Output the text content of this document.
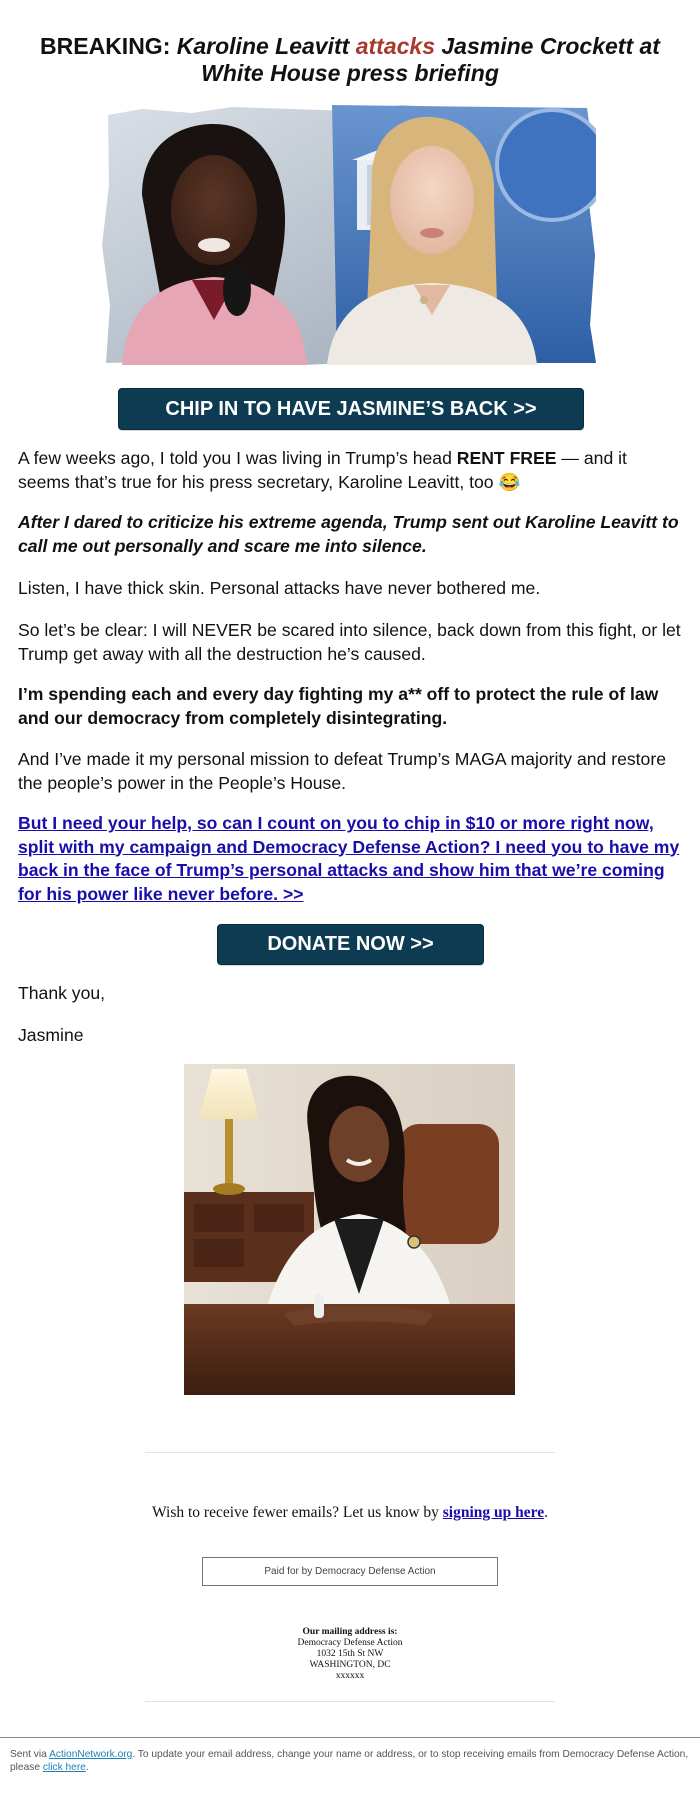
BREAKING: Karoline Leavitt attacks Jasmine Crockett at White House press briefing
CHIP IN TO HAVE JASMINE’S BACK >>

A few weeks ago, I told you I was living in Trump’s head RENT FREE — and it seems that’s true for his press secretary, Karoline Leavitt, too 😂

After I dared to criticize his extreme agenda, Trump sent out Karoline Leavitt to call me out personally and scare me into silence.

Listen, I have thick skin. Personal attacks have never bothered me.

So let’s be clear: I will NEVER be scared into silence, back down from this fight, or let Trump get away with all the destruction he’s caused.

I’m spending each and every day fighting my a** off to protect the rule of law and our democracy from completely disintegrating.

And I’ve made it my personal mission to defeat Trump’s MAGA majority and restore the people’s power in the People’s House.

But I need your help, so can I count on you to chip in $10 or more right now, split with my campaign and Democracy Defense Action? I need you to have my back in the face of Trump’s personal attacks and show him that we’re coming for his power like never before. >>

DONATE NOW >>

Thank you,

Jasmine

Wish to receive fewer emails? Let us know by signing up here.
Paid for by Democracy Defense Action
Our mailing address is:
Democracy Defense Action
1032 15th St NW
WASHINGTON, DC
xxxxxx
Sent via ActionNetwork.org. To update your email address, change your name or address, or to stop receiving emails from Democracy Defense Action, please click here.
